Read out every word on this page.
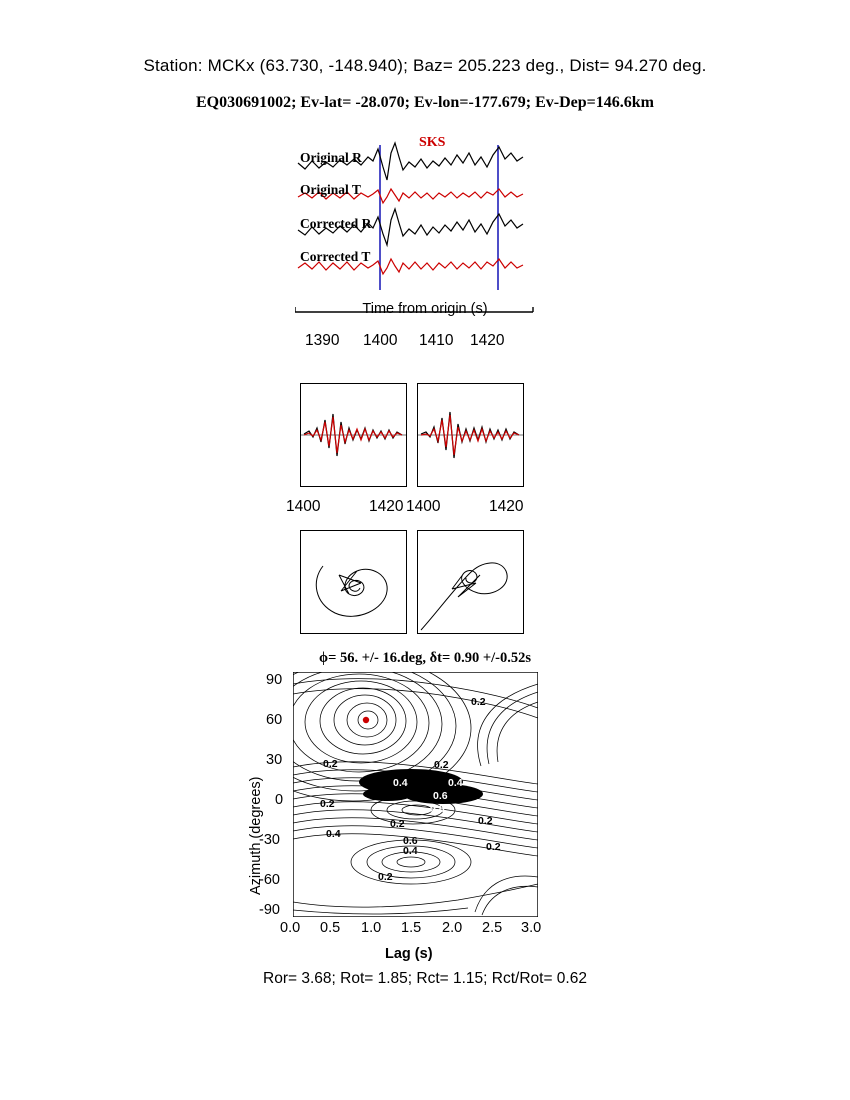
Station: MCKx (63.730, -148.940); Baz= 205.223 deg., Dist= 94.270 deg.
EQ030691002; Ev-lat= -28.070; Ev-lon=-177.679; Ev-Dep=146.6km
SKS
Original R
Original T
Corrected R
Corrected T
Time from origin (s)
1390 1400 1410 1420
1400	1420 1400	1420
ϕ= 56. +/- 16.deg, δt= 0.90 +/-0.52s
Azimuth (degrees)
90
60
30
0
-30
-60
-90
0.2	0.2
0.4	0.4
0.6
0.8
0.2
0.4
0.2	0.2
0.6
0.4	0.2
0.2
0.2
0.0 0.5 1.0 1.5 2.0 2.5 3.0
Lag (s)
Ror= 3.68; Rot= 1.85; Rct= 1.15; Rct/Rot= 0.62
